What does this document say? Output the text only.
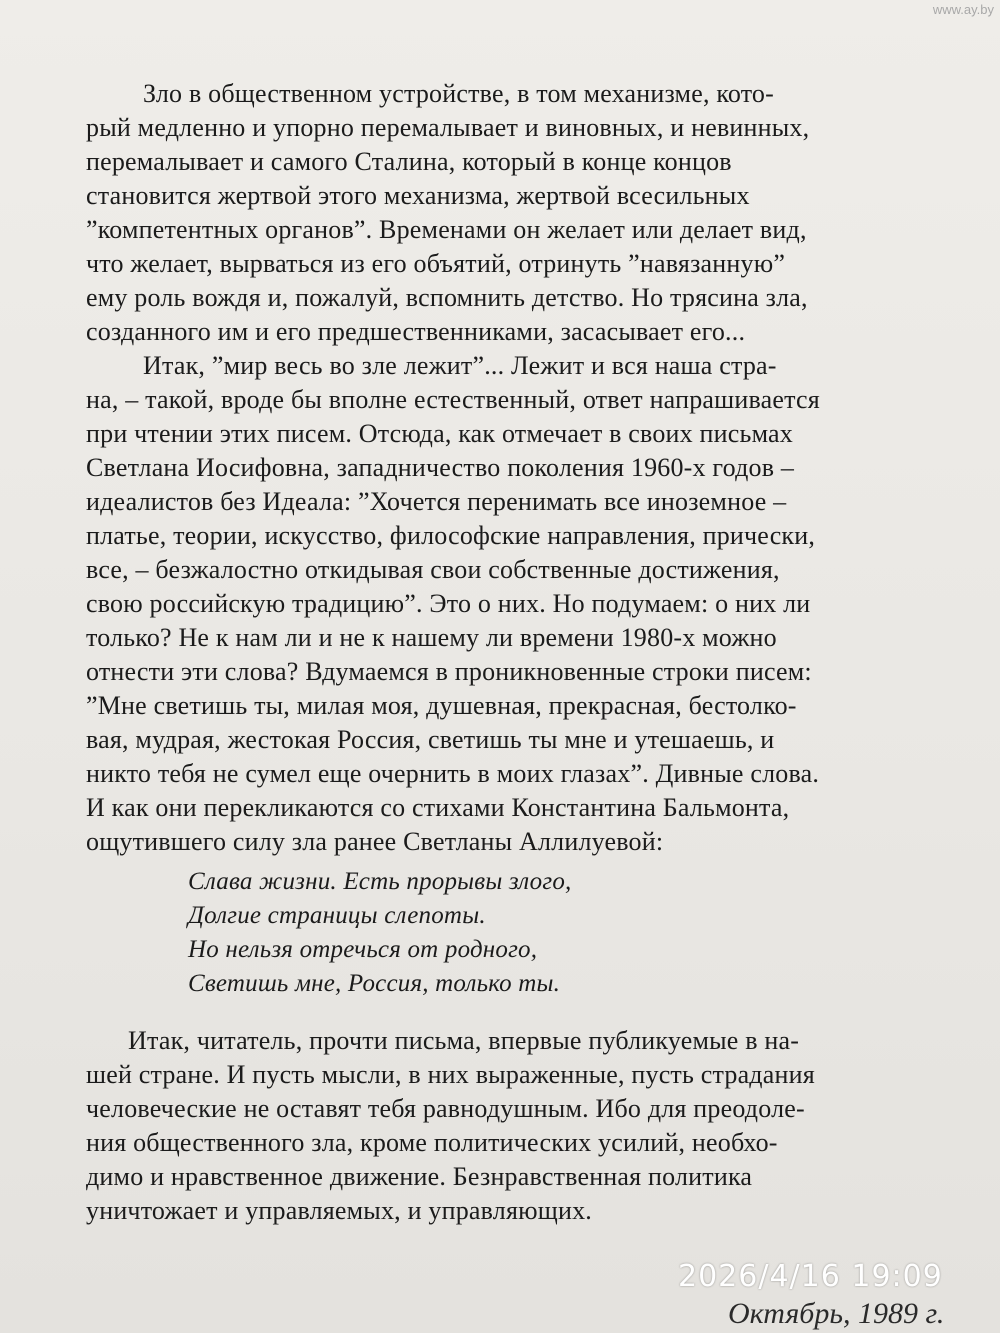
www.ay.by
Зло в общественном устройстве, в том механизме, кото-
рый медленно и упорно перемалывает и виновных, и невинных,
перемалывает и самого Сталина, который в конце концов
становится жертвой этого механизма, жертвой всесильных
”компетентных органов”. Временами он желает или делает вид,
что желает, вырваться из его объятий, отринуть ”навязанную”
ему роль вождя и, пожалуй, вспомнить детство. Но трясина зла,
созданного им и его предшественниками, засасывает его...
Итак, ”мир весь во зле лежит”... Лежит и вся наша стра-
на, – такой, вроде бы вполне естественный, ответ напрашивается
при чтении этих писем. Отсюда, как отмечает в своих письмах
Светлана Иосифовна, западничество поколения 1960-х годов –
идеалистов без Идеала: ”Хочется перенимать все иноземное –
платье, теории, искусство, философские направления, прически,
все, – безжалостно откидывая свои собственные достижения,
свою российскую традицию”. Это о них. Но подумаем: о них ли
только? Не к нам ли и не к нашему ли времени 1980-х можно
отнести эти слова? Вдумаемся в проникновенные строки писем:
”Мне светишь ты, милая моя, душевная, прекрасная, бестолко-
вая, мудрая, жестокая Россия, светишь ты мне и утешаешь, и
никто тебя не сумел еще очернить в моих глазах”. Дивные слова.
И как они перекликаются со стихами Константина Бальмонта,
ощутившего силу зла ранее Светланы Аллилуевой:
Слава жизни. Есть прорывы злого,
Долгие страницы слепоты.
Но нельзя отречься от родного,
Светишь мне, Россия, только ты.
Итак, читатель, прочти письма, впервые публикуемые в на-
шей стране. И пусть мысли, в них выраженные, пусть страдания
человеческие не оставят тебя равнодушным. Ибо для преодоле-
ния общественного зла, кроме политических усилий, необхо-
димо и нравственное движение. Безнравственная политика
уничтожает и управляемых, и управляющих.
Октябрь, 1989 г.
2026/4/16 19:09
